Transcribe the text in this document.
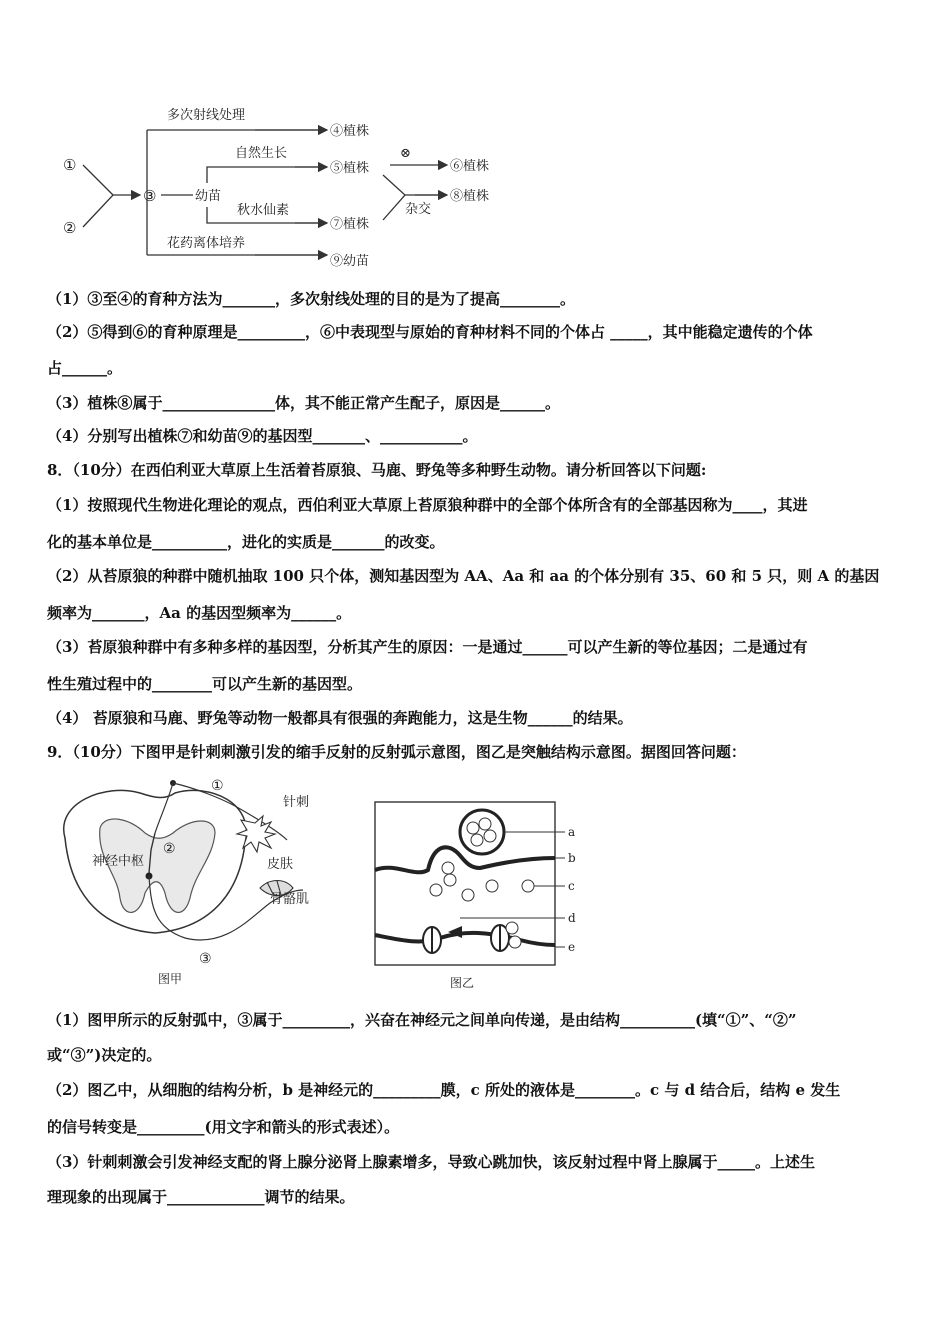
①
②
③
多次射线处理
④植株
幼苗
自然生长
⑤植株
秋水仙素
⑦植株
花药离体培养
⑨幼苗
⊗
⑥植株
杂交
⑧植株
（1）③至④的育种方法为_______，多次射线处理的目的是为了提高________。
（2）⑤得到⑥的育种原理是_________，⑥中表现型与原始的育种材料不同的个体占 _____，其中能稳定遗传的个体
占______。
（3）植株⑧属于_______________体，其不能正常产生配子，原因是______。
（4）分别写出植株⑦和幼苗⑨的基因型_______、___________。
8．（10分）在西伯利亚大草原上生活着苔原狼、马鹿、野兔等多种野生动物。请分析回答以下问题:
（1）按照现代生物进化理论的观点，西伯利亚大草原上苔原狼种群中的全部个体所含有的全部基因称为____，其进
化的基本单位是__________，进化的实质是_______的改变。
（2）从苔原狼的种群中随机抽取 100 只个体，测知基因型为 AA、Aa 和 aa 的个体分别有 35、60 和 5 只，则 A 的基因
频率为_______，Aa 的基因型频率为______。
（3）苔原狼种群中有多种多样的基因型，分析其产生的原因：一是通过______可以产生新的等位基因；二是通过有
性生殖过程中的________可以产生新的基因型。
（4） 苔原狼和马鹿、野兔等动物一般都具有很强的奔跑能力，这是生物______的结果。
9．（10分）下图甲是针刺刺激引发的缩手反射的反射弧示意图，图乙是突触结构示意图。据图回答问题：
神经中枢
①
②
③
针刺
皮肤
骨骼肌
图甲
a
b
c
d
e
图乙
（1）图甲所示的反射弧中，③属于_________，兴奋在神经元之间单向传递，是由结构__________(填“①”、“②”
或“③”)决定的。
（2）图乙中，从细胞的结构分析，b 是神经元的_________膜，c 所处的液体是________。c 与 d 结合后，结构 e 发生
的信号转变是_________(用文字和箭头的形式表述）。
（3）针刺刺激会引发神经支配的肾上腺分泌肾上腺素增多，导致心跳加快，该反射过程中肾上腺属于_____。上述生
理现象的出现属于_____________调节的结果。
